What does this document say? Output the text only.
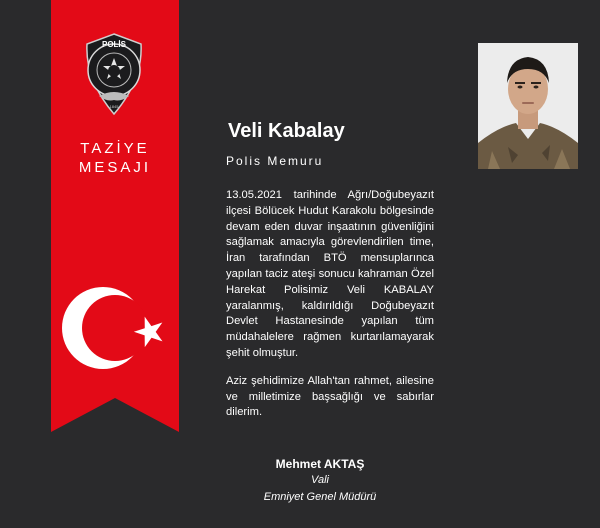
POLİS
1845
TAZİYE
MESAJI
Veli Kabalay
Polis Memuru

13.05.2021 tarihinde Ağrı/Doğubeyazıt ilçesi Bölücek Hudut Karakolu bölgesinde devam eden duvar inşaatının güvenliğini sağlamak amacıyla görevlendirilen time, İran tarafından BTÖ mensuplarınca yapılan taciz ateşi sonucu kahraman Özel Harekat Polisimiz Veli KABALAY yaralanmış, kaldırıldığı Doğubeyazıt Devlet Hastanesinde yapılan tüm müdahalelere rağmen kurtarılamayarak şehit olmuştur.

Aziz şehidimize Allah'tan rahmet, ailesine ve milletimize başsağlığı ve sabırlar dilerim.

Mehmet AKTAŞ
Vali
Emniyet Genel Müdürü
